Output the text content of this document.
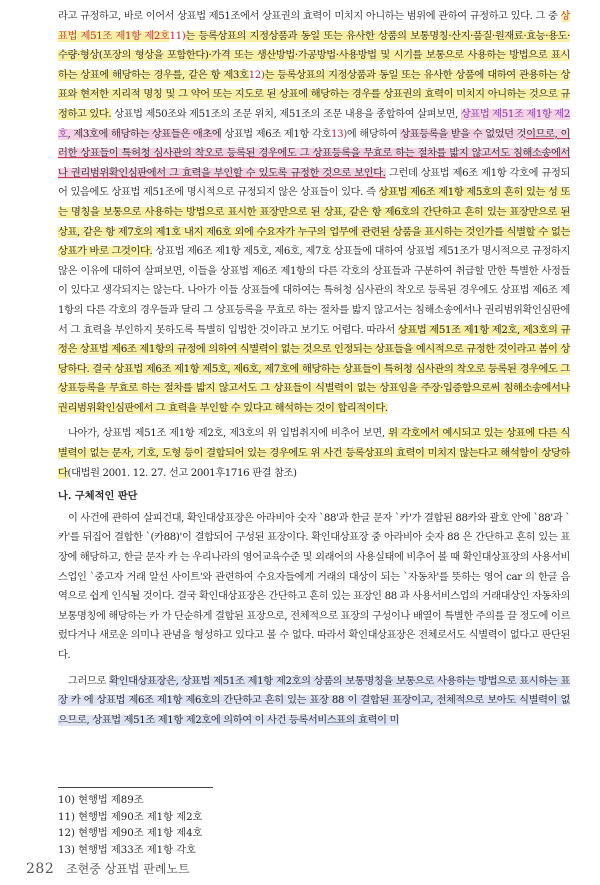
라고 규정하고, 바로 이어서 상표법 제51조에서 상표권의 효력이 미치지 아니하는 범위에 관하여 규정하고 있다. 그 중 상표법 제51조 제1항 제2호11)는 등록상표의 지정상품과 동일 또는 유사한 상품의 보통명칭·산지·품질·원재료·효능·용도·수량·형상(포장의 형상을 포함한다)·가격 또는 생산방법·가공방법·사용방법 및 시기를 보통으로 사용하는 방법으로 표시하는 상표에 해당하는 경우를, 같은 항 제3호12)는 등록상표의 지정상품과 동일 또는 유사한 상품에 대하여 관용하는 상표와 현저한 지리적 명칭 및 그 약어 또는 지도로 된 상표에 해당하는 경우를 상표권의 효력이 미치지 아니하는 것으로 규정하고 있다. 상표법 제50조와 제51조의 조문 위치, 제51조의 조문 내용을 종합하여 살펴보면, 상표법 제51조 제1항 제2호, 제3호에 해당하는 상표들은 애초에 상표법 제6조 제1항 각호13)에 해당하여 상표등록을 받을 수 없었던 것이므로, 이러한 상표들이 특허청 심사관의 착오로 등록된 경우에도 그 상표등록을 무효로 하는 절차를 밟지 않고서도 침해소송에서나 권리범위확인심판에서 그 효력을 부인할 수 있도록 규정한 것으로 보인다. 그런데 상표법 제6조 제1항 각호에 규정되어 있음에도 상표법 제51조에 명시적으로 규정되지 않은 상표들이 있다. 즉 상표법 제6조 제1항 제5호의 흔히 있는 성 또는 명칭을 보통으로 사용하는 방법으로 표시한 표장만으로 된 상표, 같은 항 제6호의 간단하고 흔히 있는 표장만으로 된 상표, 같은 항 제7호의 제1호 내지 제6호 외에 수요자가 누구의 업무에 관련된 상품을 표시하는 것인가를 식별할 수 없는 상표가 바로 그것이다. 상표법 제6조 제1항 제5호, 제6호, 제7호 상표들에 대하여 상표법 제51조가 명시적으로 규정하지 않은 이유에 대하여 살펴보면, 이들을 상표법 제6조 제1항의 다른 각호의 상표들과 구분하여 취급할 만한 특별한 사정들이 있다고 생각되지는 않는다. 나아가 이들 상표들에 대하여는 특허청 심사관의 착오로 등록된 경우에도 상표법 제6조 제1항의 다른 각호의 경우들과 달리 그 상표등록을 무효로 하는 절차를 밟지 않고서는 침해소송에서나 권리범위확인심판에서 그 효력을 부인하지 못하도록 특별히 입법한 것이라고 보기도 어렵다. 따라서 상표법 제51조 제1항 제2호, 제3호의 규정은 상표법 제6조 제1항의 규정에 의하여 식별력이 없는 것으로 인정되는 상표들을 예시적으로 규정한 것이라고 봄이 상당하다. 결국 상표법 제6조 제1항 제5호, 제6호, 제7호에 해당하는 상표들이 특허청 심사관의 착오로 등록된 경우에도 그 상표등록을 무효로 하는 절차를 밟지 않고서도 그 상표들이 식별력이 없는 상표임을 주장·입증함으로써 침해소송에서나 권리범위확인심판에서 그 효력을 부인할 수 있다고 해석하는 것이 합리적이다.

나아가, 상표법 제51조 제1항 제2호, 제3호의 위 입법취지에 비추어 보면, 위 각호에서 예시되고 있는 상표에 다른 식별력이 없는 문자, 기호, 도형 등이 결합되어 있는 경우에도 위 사건 등록상표의 효력이 미치지 않는다고 해석함이 상당하다(대법원 2001. 12. 27. 선고 2001후1716 판결 참조)

나. 구체적인 판단

이 사건에 관하여 살피건대, 확인대상표장은 아라비아 숫자 `88'과 한글 문자 `카'가 결합된 88카와 괄호 안에 `88'과 `카'를 뒤집어 결합한 `(카88)'이 결합되어 구성된 표장이다. 확인대상표장 중 아라비아 숫자 88 은 간단하고 흔히 있는 표장에 해당하고, 한글 문자 카 는 우리나라의 영어교육수준 및 외래어의 사용실태에 비추어 볼 때 확인대상표장의 사용서비스업인 `중고자 거래 알선 사이트'와 관련하여 수요자들에게 거래의 대상이 되는 `자동차'를 뜻하는 영어 car 의 한글 음역으로 쉽게 인식될 것이다. 결국 확인대상표장은 간단하고 흔히 있는 표장인 88 과 사용서비스업의 거래대상인 자동차의 보통명칭에 해당하는 카 가 단순하게 결합된 표장으로, 전체적으로 표장의 구성이나 배열이 특별한 주의를 끌 정도에 이르렀다거나 새로운 의미나 관념을 형성하고 있다고 볼 수 없다. 따라서 확인대상표장은 전체로서도 식별력이 없다고 판단된다.

그러므로 확인대상표장은, 상표법 제51조 제1항 제2호의 상품의 보통명칭을 보통으로 사용하는 방법으로 표시하는 표장 카 에 상표법 제6조 제1항 제6호의 간단하고 흔히 있는 표장 88 이 결합된 표장이고, 전체적으로 보아도 식별력이 없으므로, 상표법 제51조 제1항 제2호에 의하여 이 사건 등록서비스표의 효력이 미

10) 현행법 제89조

11) 현행법 제90조 제1항 제2호

12) 현행법 제90조 제1항 제4호

13) 현행법 제33조 제1항 각호

282 조현중 상표법 판례노트
